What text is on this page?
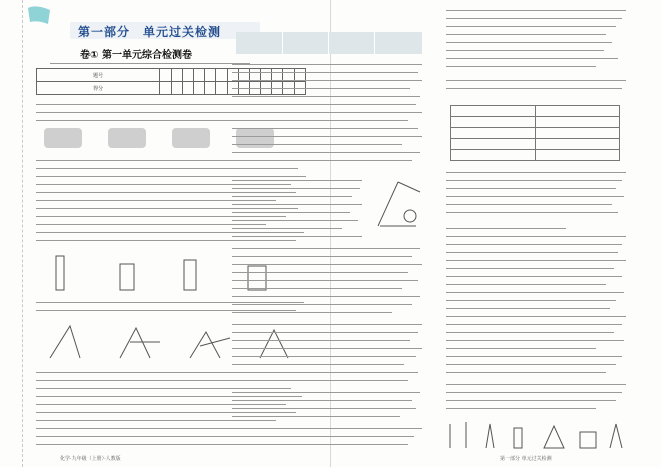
第一部分　单元过关检测
卷① 第一单元综合检测卷
题号													
得分													
化学·九年级（上册）·人教版

		第一部分 单元过关检测
